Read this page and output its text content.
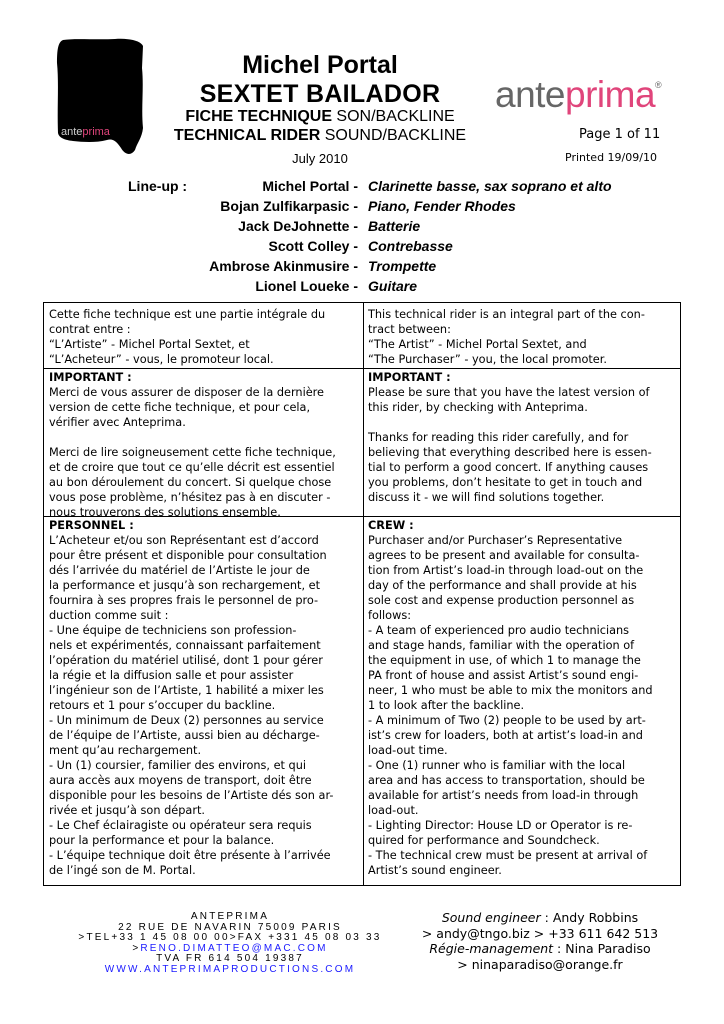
anteprima
Michel Portal
SEXTET BAILADOR
FICHE TECHNIQUE SON/BACKLINE
TECHNICAL RIDER SOUND/BACKLINE
July 2010
anteprima®
Page 1 of 11
Printed 19/09/10
Line-up :	Michel Portal -
Bojan Zulfikarpasic -
Jack DeJohnette -
Scott Colley -
Ambrose Akinmusire -
Lionel Loueke -
Clarinette basse, sax soprano et alto
Piano, Fender Rhodes
Batterie
Contrebasse
Trompette
Guitare
Cette fiche technique est une partie intégrale du
contrat entre :
“L’Artiste” - Michel Portal Sextet, et
“L’Acheteur” - vous, le promoteur local.
This technical rider is an integral part of the con-
tract between:
“The Artist” - Michel Portal Sextet, and
“The Purchaser” - you, the local promoter.
IMPORTANT :
Merci de vous assurer de disposer de la dernière
version de cette fiche technique, et pour cela,
vérifier avec Anteprima.

Merci de lire soigneusement cette fiche technique,
et de croire que tout ce qu’elle décrit est essentiel
au bon déroulement du concert. Si quelque chose
vous pose problème, n’hésitez pas à en discuter -
nous trouverons des solutions ensemble.
IMPORTANT :
Please be sure that you have the latest version of
this rider, by checking with Anteprima.

Thanks for reading this rider carefully, and for
believing that everything described here is essen-
tial to perform a good concert. If anything causes
you problems, don’t hesitate to get in touch and
discuss it - we will find solutions together.
PERSONNEL :
L’Acheteur et/ou son Représentant est d’accord
pour être présent et disponible pour consultation
dés l’arrivée du matériel de l’Artiste le jour de
la performance et jusqu’à son rechargement, et
fournira à ses propres frais le personnel de pro-
duction comme suit :
- Une équipe de techniciens son profession-
nels et expérimentés, connaissant parfaitement
l’opération du matériel utilisé, dont 1 pour gérer
la régie et la diffusion salle et pour assister
l’ingénieur son de l’Artiste, 1 habilité a mixer les
retours et 1 pour s’occuper du backline.
- Un minimum de Deux (2) personnes au service
de l’équipe de l’Artiste, aussi bien au décharge-
ment qu’au rechargement.
- Un (1) coursier, familier des environs, et qui
aura accès aux moyens de transport, doit être
disponible pour les besoins de l’Artiste dés son ar-
rivée et jusqu’à son départ.
- Le Chef éclairagiste ou opérateur sera requis
pour la performance et pour la balance.
- L’équipe technique doit être présente à l’arrivée
de l’ingé son de M. Portal.
CREW :
Purchaser and/or Purchaser’s Representative
agrees to be present and available for consulta-
tion from Artist’s load-in through load-out on the
day of the performance and shall provide at his
sole cost and expense production personnel as
follows:
- A team of experienced pro audio technicians
and stage hands, familiar with the operation of
the equipment in use, of which 1 to manage the
PA front of house and assist Artist’s sound engi-
neer, 1 who must be able to mix the monitors and
1 to look after the backline.
- A minimum of Two (2) people to be used by art-
ist’s crew for loaders, both at artist’s load-in and
load-out time.
- One (1) runner who is familiar with the local
area and has access to transportation, should be
available for artist’s needs from load-in through
load-out.
- Lighting Director: House LD or Operator is re-
quired for performance and Soundcheck.
- The technical crew must be present at arrival of
Artist’s sound engineer.
ANTEPRIMA
22 RUE DE NAVARIN 75009 PARIS
>TEL+33 1 45 08 00 00>FAX +331 45 08 03 33
>RENO.DIMATTEO@MAC.COM
TVA FR 614 504 19387
WWW.ANTEPRIMAPRODUCTIONS.COM
Sound engineer : Andy Robbins
> andy@tngo.biz > +33 611 642 513
Régie-management : Nina Paradiso
> ninaparadiso@orange.fr
